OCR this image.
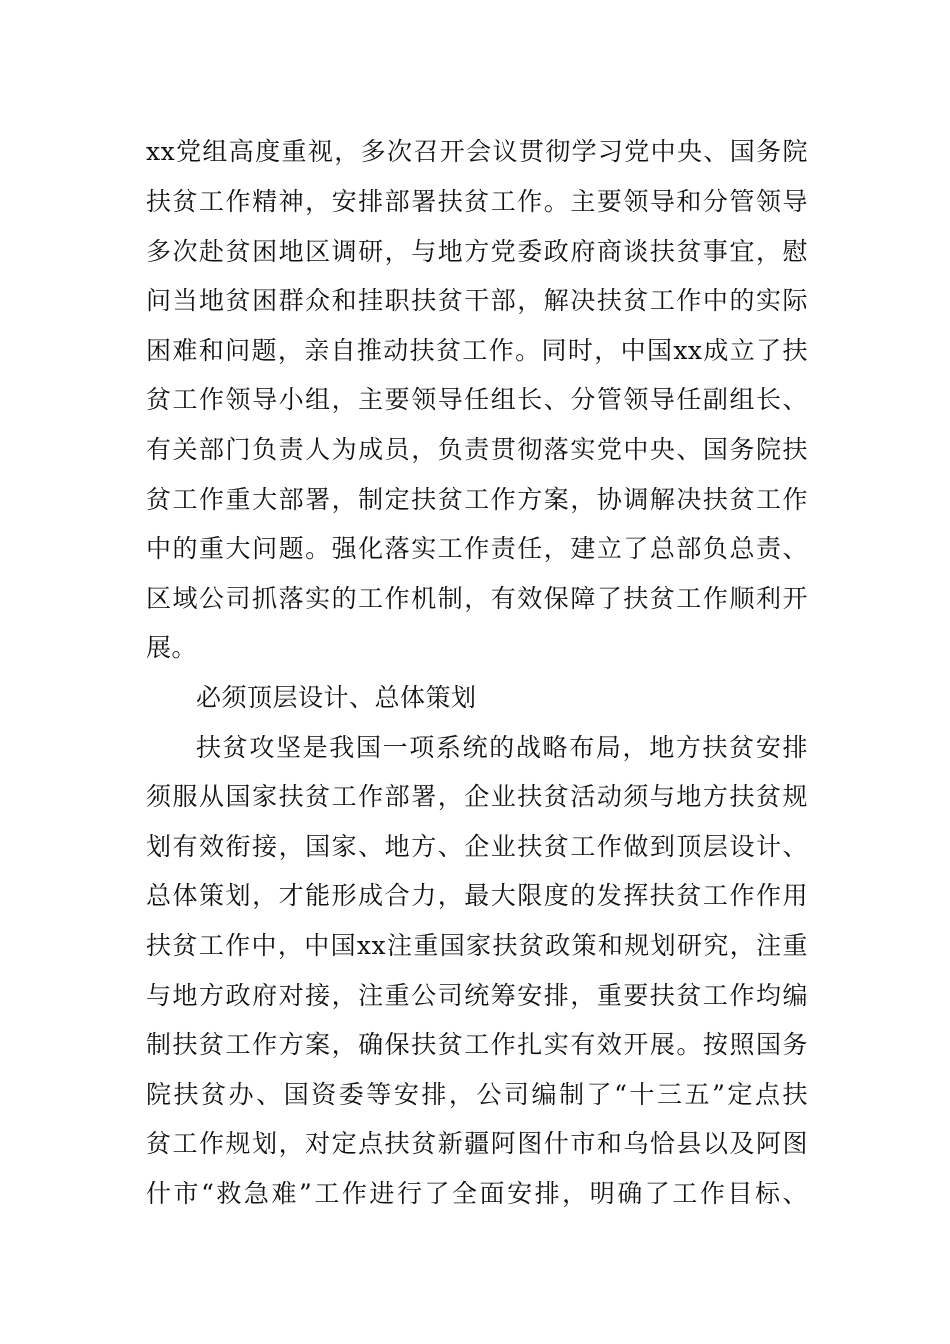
xx党组高度重视，多次召开会议贯彻学习党中央、国务院
扶贫工作精神，安排部署扶贫工作。主要领导和分管领导
多次赴贫困地区调研，与地方党委政府商谈扶贫事宜，慰
问当地贫困群众和挂职扶贫干部，解决扶贫工作中的实际
困难和问题，亲自推动扶贫工作。同时，中国xx成立了扶
贫工作领导小组，主要领导任组长、分管领导任副组长、
有关部门负责人为成员，负责贯彻落实党中央、国务院扶
贫工作重大部署，制定扶贫工作方案，协调解决扶贫工作
中的重大问题。强化落实工作责任，建立了总部负总责、
区域公司抓落实的工作机制，有效保障了扶贫工作顺利开
展。
必须顶层设计、总体策划
扶贫攻坚是我国一项系统的战略布局，地方扶贫安排
须服从国家扶贫工作部署，企业扶贫活动须与地方扶贫规
划有效衔接，国家、地方、企业扶贫工作做到顶层设计、
总体策划，才能形成合力，最大限度的发挥扶贫工作作用
扶贫工作中，中国xx注重国家扶贫政策和规划研究，注重
与地方政府对接，注重公司统筹安排，重要扶贫工作均编
制扶贫工作方案，确保扶贫工作扎实有效开展。按照国务
院扶贫办、国资委等安排，公司编制了“十三五”定点扶
贫工作规划，对定点扶贫新疆阿图什市和乌恰县以及阿图
什市“救急难”工作进行了全面安排，明确了工作目标、
